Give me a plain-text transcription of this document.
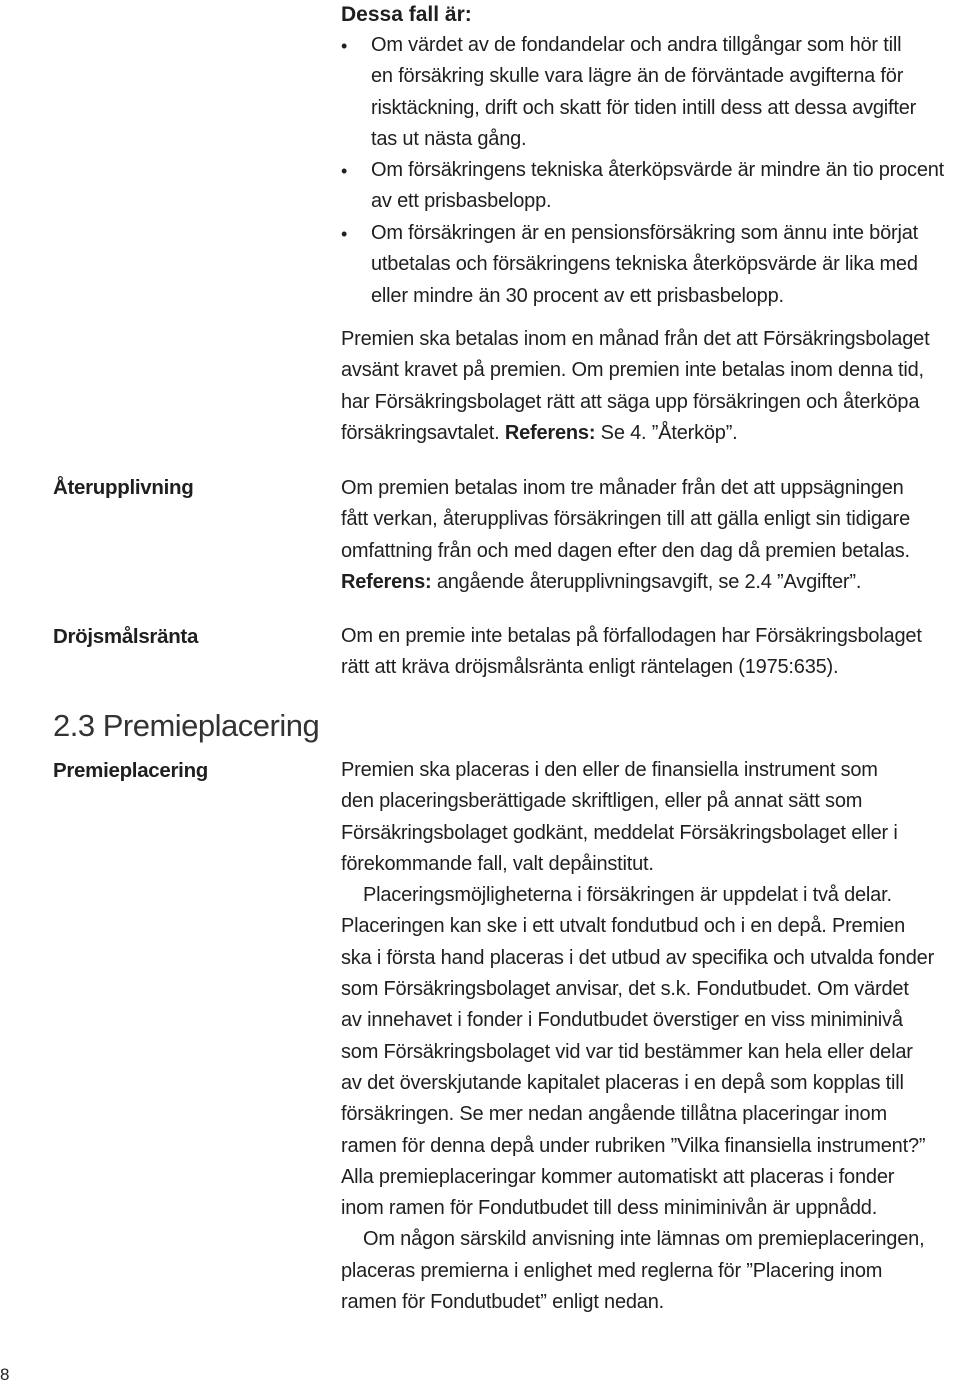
Dessa fall är:
• Om värdet av de fondandelar och andra tillgångar som hör till

en försäkring skulle vara lägre än de förväntade avgifterna för

risktäckning, drift och skatt för tiden intill dess att dessa avgifter

tas ut nästa gång.

• Om försäkringens tekniska återköpsvärde är mindre än tio procent

av ett prisbasbelopp.

• Om försäkringen är en pensionsförsäkring som ännu inte börjat

utbetalas och försäkringens tekniska återköpsvärde är lika med

eller mindre än 30 procent av ett prisbasbelopp.

Premien ska betalas inom en månad från det att Försäkringsbolaget

avsänt kravet på premien. Om premien inte betalas inom denna tid,

har Försäkringsbolaget rätt att säga upp försäkringen och återköpa

försäkringsavtalet. Referens: Se 4. ”Återköp”.

Återupplivning	Om premien betalas inom tre månader från det att uppsägningen

fått verkan, återupplivas försäkringen till att gälla enligt sin tidigare

omfattning från och med dagen efter den dag då premien betalas.

Referens: angående återupplivningsavgift, se 2.4 ”Avgifter”.

Dröjsmålsränta	Om en premie inte betalas på förfallodagen har Försäkringsbolaget

rätt att kräva dröjsmålsränta enligt räntelagen (1975:635).

2.3 Premieplacering
Premieplacering	Premien ska placeras i den eller de finansiella instrument som

den placeringsberättigade skriftligen, eller på annat sätt som

Försäkringsbolaget godkänt, meddelat Försäkringsbolaget eller i

förekommande fall, valt depåinstitut.

Placeringsmöjligheterna i försäkringen är uppdelat i två delar.

Placeringen kan ske i ett utvalt fondutbud och i en depå. Premien

ska i första hand placeras i det utbud av specifika och utvalda fonder

som Försäkringsbolaget anvisar, det s.k. Fondutbudet. Om värdet

av innehavet i fonder i Fondutbudet överstiger en viss miniminivå

som Försäkringsbolaget vid var tid bestämmer kan hela eller delar

av det överskjutande kapitalet placeras i en depå som kopplas till

försäkringen. Se mer nedan angående tillåtna placeringar inom

ramen för denna depå under rubriken ”Vilka finansiella instrument?”

Alla premieplaceringar kommer automatiskt att placeras i fonder

inom ramen för Fondutbudet till dess miniminivån är uppnådd.

Om någon särskild anvisning inte lämnas om premieplaceringen,

placeras premierna i enlighet med reglerna för ”Placering inom

ramen för Fondutbudet” enligt nedan.

8
